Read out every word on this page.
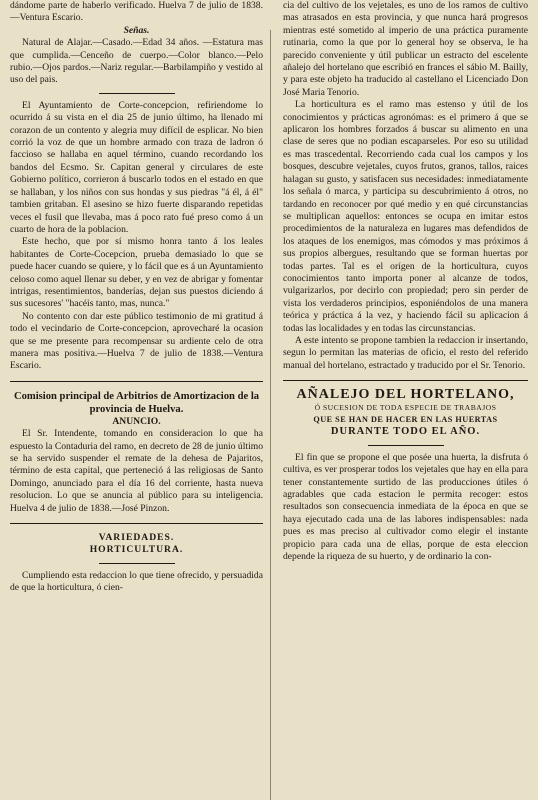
dándome parte de haberlo verificado. Huelva 7 de julio de 1838.—Ventura Escario.

Señas.

Natural de Alajar.—Casado.—Edad 34 años. —Estatura mas que cumplida.—Cenceño de cuerpo.—Color blanco.—Pelo rubio.—Ojos pardos.—Nariz regular.—Barbilampiño y vestido al uso del pais.

El Ayuntamiento de Corte-concepcion, refiriendome lo ocurrido á su vista en el dia 25 de junio último, ha llenado mi corazon de un contento y alegria muy difícil de esplicar. No bien corrió la voz de que un hombre armado con traza de ladron ó faccioso se hallaba en aquel término, cuando recordando los bandos del Ecsmo. Sr. Capitan general y circulares de este Gobierno político, corrieron á buscarlo todos en el estado en que se hallaban, y los niños con sus hondas y sus piedras "á él, á él" tambien gritaban. El asesino se hizo fuerte disparando repetidas veces el fusil que llevaba, mas á poco rato fué preso como á un cuarto de hora de la poblacion.

Este hecho, que por sí mismo honra tanto á los leales habitantes de Corte-Cocepcion, prueba demasiado lo que se puede hacer cuando se quiere, y lo fácil que es á un Ayuntamiento celoso como aquel llenar su deber, y en vez de abrigar y fomentar intrigas, resentimientos, banderías, dejan sus puestos diciendo á sus sucesores' "hacéis tanto, mas, nunca."

No contento con dar este público testimonio de mi gratitud á todo el vecindario de Corte-concepcion, aprovecharé la ocasion que se me presente para recompensar su ardiente celo de otra manera mas positiva.—Huelva 7 de julio de 1838.—Ventura Escario.

Comision principal de Arbitrios de Amortizacion de la provincia de Huelva.

ANUNCIO.

El Sr. Intendente, tomando en consideracion lo que ha espuesto la Contaduria del ramo, en decreto de 28 de junio último se ha servido suspender el remate de la dehesa de Pajaritos, término de esta capital, que perteneció á las religiosas de Santo Domingo, anunciado para el día 16 del corriente, hasta nueva resolucion. Lo que se anuncia al público para su inteligencia. Huelva 4 de julio de 1838.—José Pinzon.

VARIEDADES.

HORTICULTURA.

Cumpliendo esta redaccion lo que tiene ofrecido, y persuadida de que la horticultura, ó cien-

cia del cultivo de los vejetales, es uno de los ramos de cultivo mas atrasados en esta provincia, y que nunca hará progresos mientras esté sometido al imperio de una práctica puramente rutinaria, como la que por lo general hoy se observa, le ha parecido conveniente y útil publicar un estracto del escelente añalejo del hortelano que escribió en frances el sábio M. Bailly, y para este objeto ha traducido al castellano el Licenciado Don José Maria Tenorio.

La horticultura es el ramo mas estenso y útil de los conocimientos y prácticas agronómas: es el primero á que se aplicaron los hombres forzados á buscar su alimento en una clase de seres que no podian escaparseles. Por eso su utilidad es mas trascedental. Recorriendo cada cual los campos y los bosques, descubre vejetales, cuyos frutos, granos, tallos, raices halagan su gusto, y satisfacen sus necesidades: inmediatamente los señala ó marca, y participa su descubrimiento á otros, no tardando en reconocer por qué medio y en qué circunstancias se multiplican aquellos: entonces se ocupa en imitar estos procedimientos de la naturaleza en lugares mas defendidos de los ataques de los enemigos, mas cómodos y mas próximos á sus propios albergues, resultando que se forman huertas por todas partes. Tal es el orígen de la horticultura, cuyos conocimientos tanto importa poner al alcanze de todos, vulgarizarlos, por decirlo con propiedad; pero sin perder de vista los verdaderos principios, esponiéndolos de una manera teórica y práctica á la vez, y haciendo fácil su aplicacion á todas las localidades y en todas las circunstancias.

A este intento se propone tambien la redaccion ir insertando, segun lo permitan las materias de oficio, el resto del referido manual del hortelano, estractado y traducido por el Sr. Tenorio.

AÑALEJO DEL HORTELANO,

Ó SUCESION DE TODA ESPECIE DE TRABAJOS

QUE SE HAN DE HACER EN LAS HUERTAS

DURANTE TODO EL AÑO.

El fin que se propone el que posée una huerta, la disfruta ó cultiva, es ver prosperar todos los vejetales que hay en ella para tener constantemente surtido de las producciones útiles ó agradables que cada estacion le permita recoger: estos resultados son consecuencia inmediata de la época en que se haya ejecutado cada una de las labores indispensables: nada pues es mas preciso al cultivador como elegir el instante propicio para cada una de ellas, porque de esta eleccion depende la riqueza de su huerto, y de ordinario la con-
